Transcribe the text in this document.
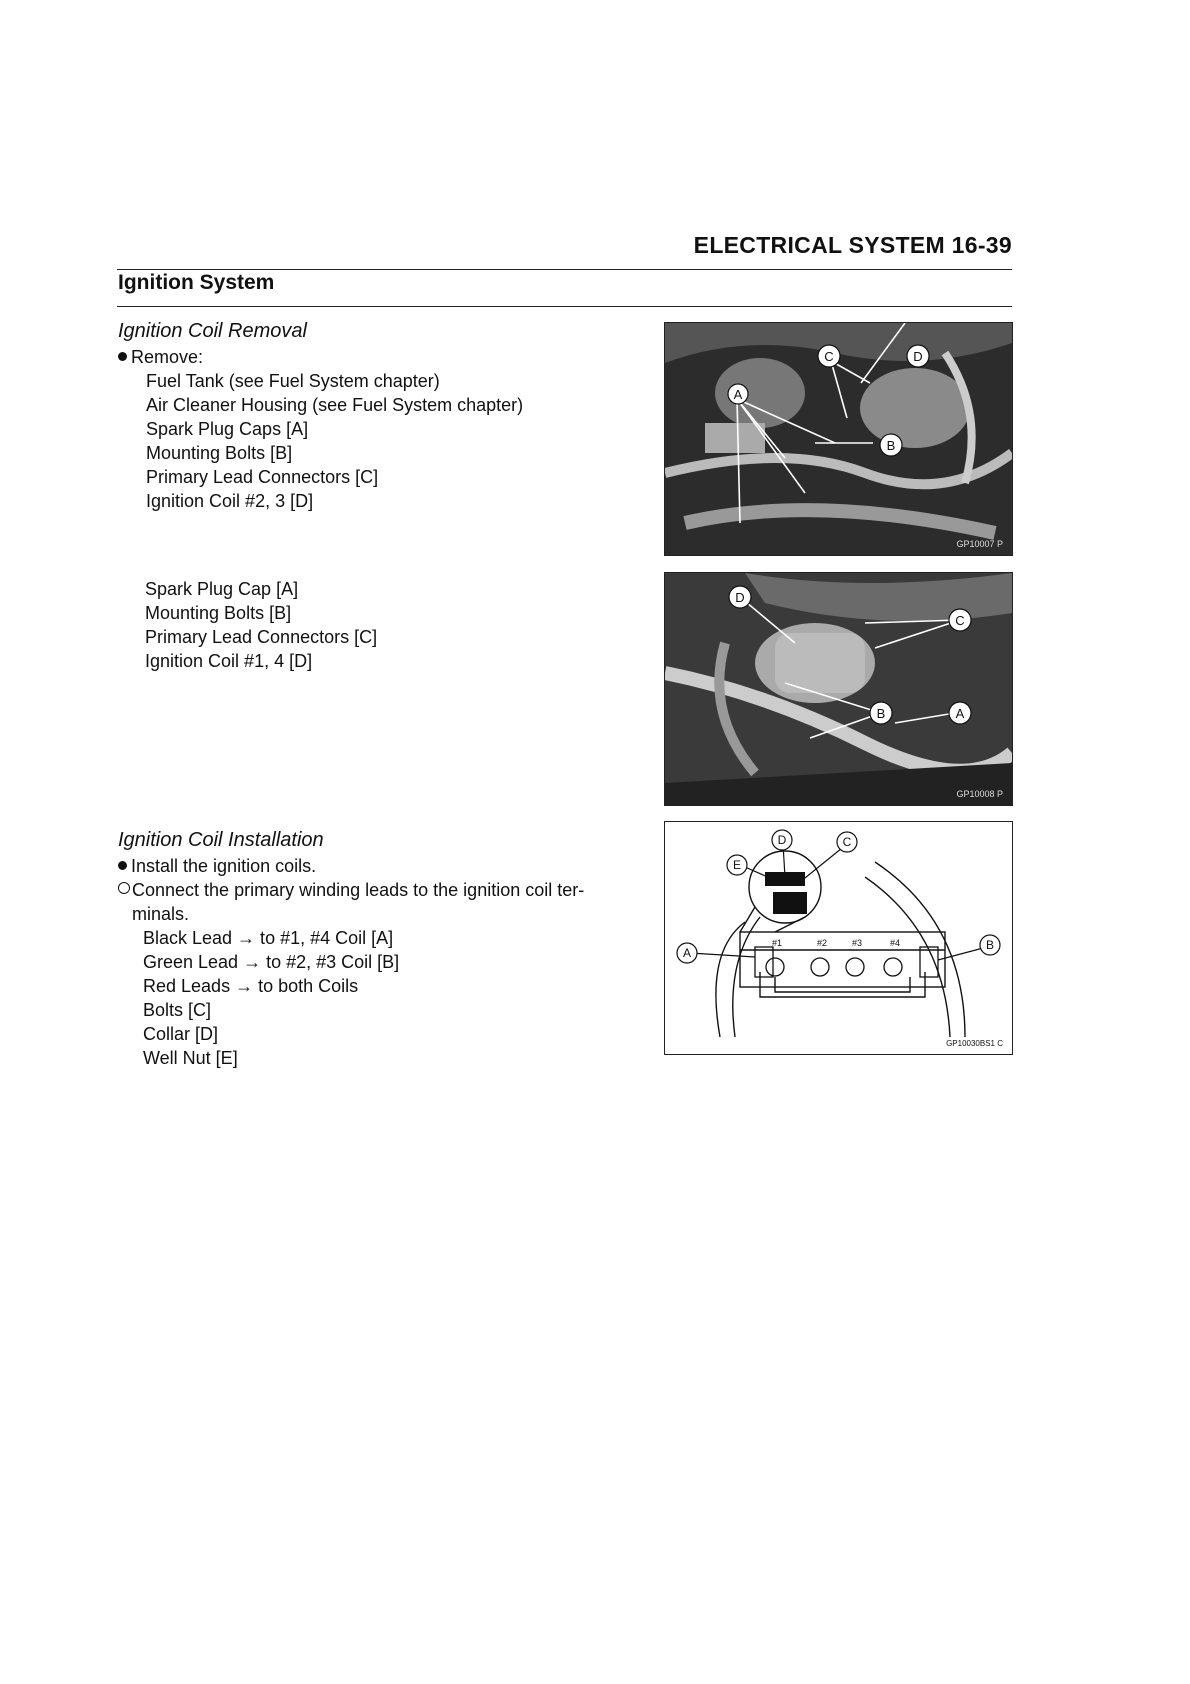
ELECTRICAL SYSTEM 16-39
Ignition System
Ignition Coil Removal
Remove:
Fuel Tank (see Fuel System chapter)
Air Cleaner Housing (see Fuel System chapter)
Spark Plug Caps [A]
Mounting Bolts [B]
Primary Lead Connectors [C]
Ignition Coil #2, 3 [D]
Spark Plug Cap [A]
Mounting Bolts [B]
Primary Lead Connectors [C]
Ignition Coil #1, 4 [D]
Ignition Coil Installation
Install the ignition coils.
Connect the primary winding leads to the ignition coil ter-
minals.
Black Lead → to #1, #4 Coil [A]
Green Lead → to #2, #3 Coil [B]
Red Leads → to both Coils
Bolts [C]
Collar [D]
Well Nut [E]
A
B
C	D
GP10007 P
A
B
C
D
GP10008 P
#1	#2	#3	#4
A
B
C
D
E
GP10030BS1 C
